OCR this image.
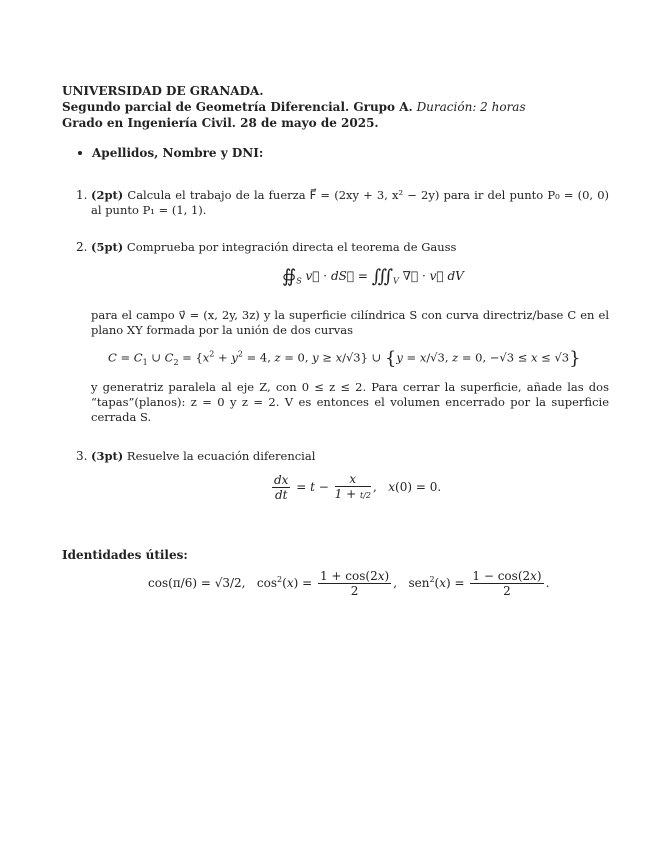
UNIVERSIDAD DE GRANADA.
Segundo parcial de Geometría Diferencial. Grupo A. Duración: 2 horas
Grado en Ingeniería Civil. 28 de mayo de 2025.
Apellidos, Nombre y DNI:
1. (2pt) Calcula el trabajo de la fuerza F⃗ = (2xy + 3, x² − 2y) para ir del punto P₀ = (0, 0) al punto P₁ = (1, 1).
2. (5pt) Comprueba por integración directa el teorema de Gauss
$∯_S$ v⃗ · dS⃗ = $∭_V$ ∇⃗ · v⃗ dV
para el campo v⃗ = (x, 2y, 3z) y la superficie cilíndrica S con curva directriz/base C en el plano XY formada por la unión de dos curvas
$C = C_1$ ∪ $C_2 = \{x^2 + y^2 = 4$, z = 0, y ≥ x/√3} ∪ {y = x/√3, z = 0, −√3 ≤ x ≤ √3}
y generatriz paralela al eje Z, con 0 ≤ z ≤ 2. Para cerrar la superficie, añade las dos “tapas”(planos): z = 0 y z = 2. V es entonces el volumen encerrado por la superficie cerrada S.
3. (3pt) Resuelve la ecuación diferencial
$\frac{dx}{dt} = t - \frac{x}{1 + t/2}$ ,   x(0) = 0.
Identidades útiles:
cos(π/6) = √3/2,   $\cos^2(x) = \frac{1 + \cos(2x)}{2}$ ,   $sen^2(x) = \frac{1 - \cos(2x)}{2}$ .
